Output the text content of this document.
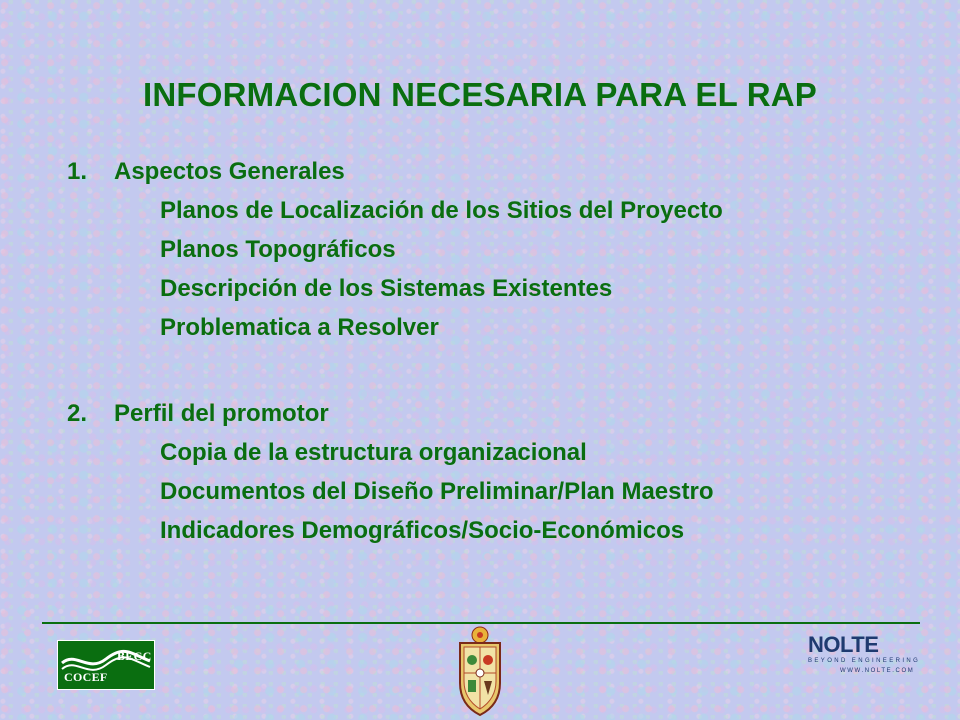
INFORMACION NECESARIA PARA EL RAP
1. Aspectos Generales
Planos de Localización de los Sitios del Proyecto
Planos Topográficos
Descripción de los Sistemas Existentes
Problematica a Resolver
2. Perfil del promotor
Copia de la estructura organizacional
Documentos del Diseño Preliminar/Plan Maestro
Indicadores Demográficos/Socio-Económicos
BECC
COCEF
NOLTE
BEYOND ENGINEERING
WWW.NOLTE.COM
